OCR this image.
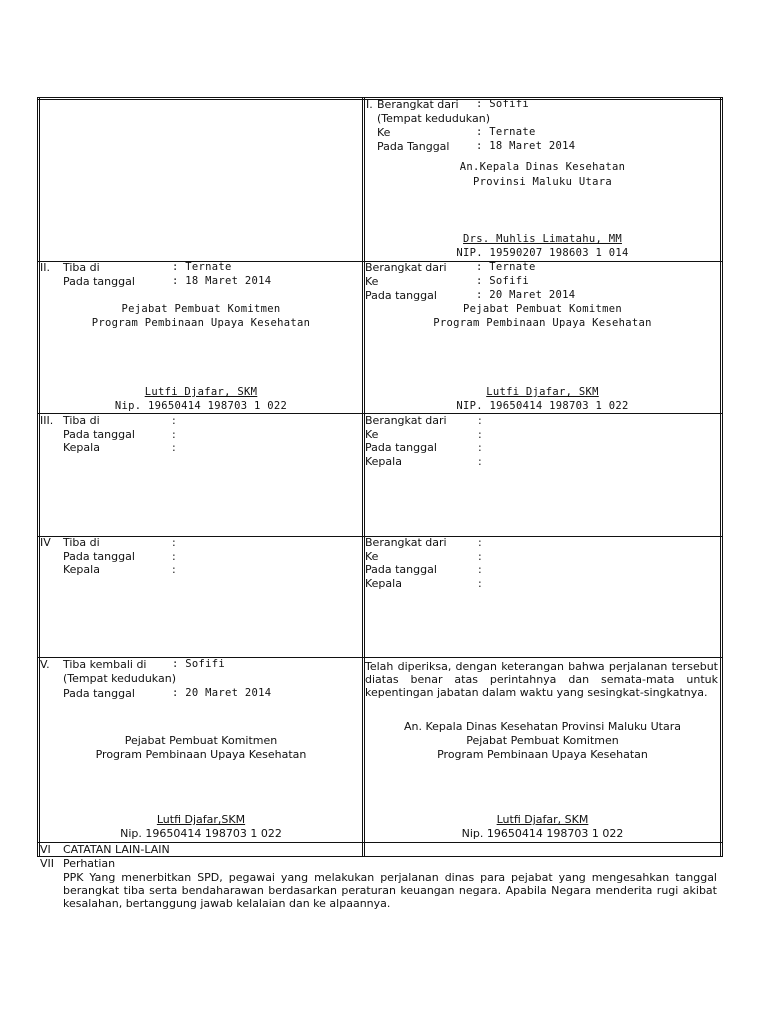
I. Berangkat dari : Sofifi
(Tempat kedudukan)
Ke	: Ternate
Pada Tanggal	: 18 Maret 2014
An.Kepala Dinas Kesehatan
Provinsi Maluku Utara
Drs. Muhlis Limatahu, MM
NIP. 19590207 198603 1 014
II. Tiba di	: Ternate
Pada tanggal	: 18 Maret 2014
Pejabat Pembuat Komitmen
Program Pembinaan Upaya Kesehatan
Lutfi Djafar, SKM
Nip. 19650414 198703 1 022
Berangkat dari	: Ternate
Ke	: Sofifi
Pada tanggal	: 20 Maret 2014
Pejabat Pembuat Komitmen
Program Pembinaan Upaya Kesehatan
Lutfi Djafar, SKM
NIP. 19650414 198703 1 022
III. Tiba di	:
Pada tanggal	:
Kepala	:
Berangkat dari	:
Ke	:
Pada tanggal	:
Kepala	:
IV Tiba di	:
Pada tanggal	:
Kepala	:
Berangkat dari	:
Ke	:
Pada tanggal	:
Kepala	:
V. Tiba kembali di : Sofifi
(Tempat kedudukan)
Pada tanggal	: 20 Maret 2014
Pejabat Pembuat Komitmen
Program Pembinaan Upaya Kesehatan
Lutfi Djafar,SKM
Nip. 19650414 198703 1 022
Telah diperiksa, dengan keterangan bahwa perjalanan tersebut diatas benar atas perintahnya dan semata-mata untuk kepentingan jabatan dalam waktu yang sesingkat-singkatnya.
An. Kepala Dinas Kesehatan Provinsi Maluku Utara
Pejabat Pembuat Komitmen
Program Pembinaan Upaya Kesehatan
Lutfi Djafar, SKM
Nip. 19650414 198703 1 022
VI CATATAN LAIN-LAIN
VII Perhatian
PPK Yang menerbitkan SPD, pegawai yang melakukan perjalanan dinas para pejabat yang mengesahkan tanggal berangkat tiba serta bendaharawan berdasarkan peraturan keuangan negara. Apabila Negara menderita rugi akibat kesalahan, bertanggung jawab kelalaian dan ke alpaannya.
